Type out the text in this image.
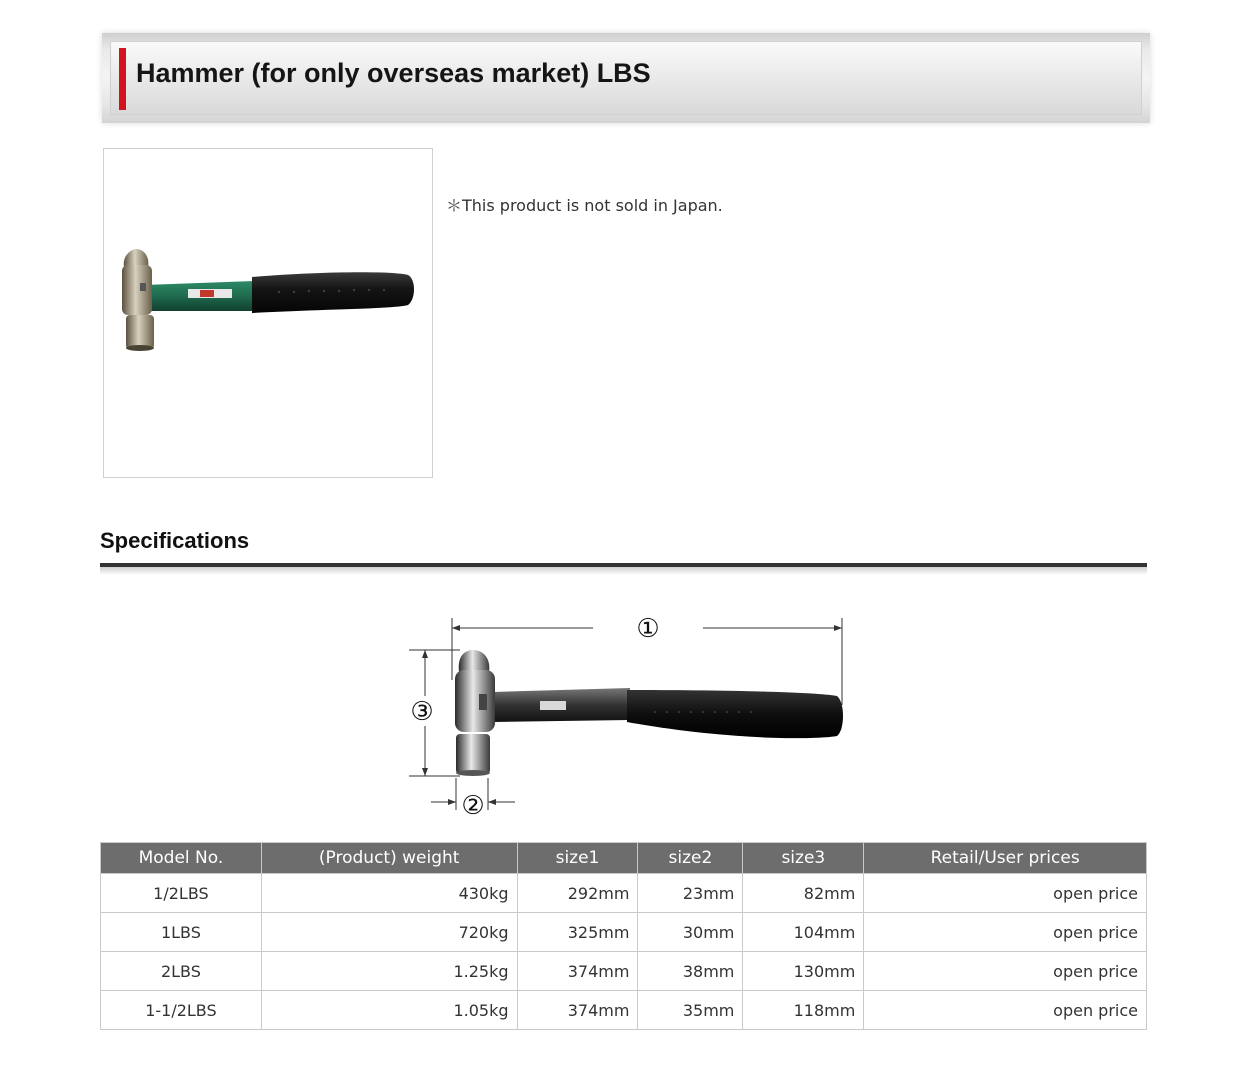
Hammer (for only overseas market) LBS
＊This product is not sold in Japan.
Specifications
①
③
②
Model No.	(Product) weight	size1	size2	size3	Retail/User prices
1/2LBS	430kg	292mm	23mm	82mm	open price
1LBS	720kg	325mm	30mm	104mm	open price
2LBS	1.25kg	374mm	38mm	130mm	open price
1-1/2LBS	1.05kg	374mm	35mm	118mm	open price
